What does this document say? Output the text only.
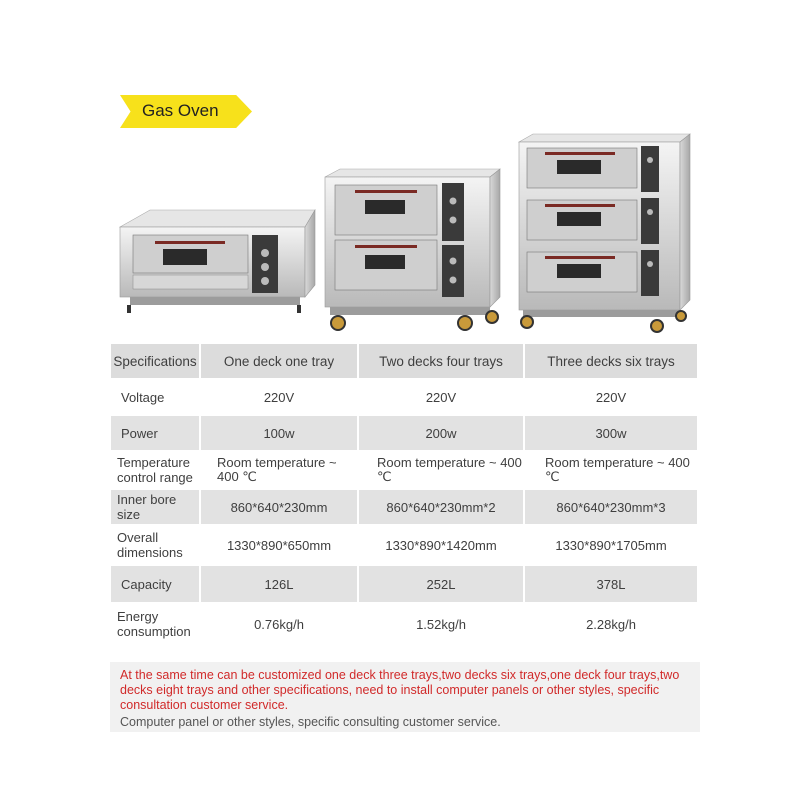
Gas Oven
Specifications	One deck one tray	Two decks four trays	Three decks six trays
Voltage	220V	220V	220V
Power	100w	200w	300w
Temperature control range	Room temperature ~ 400 ℃	Room temperature ~ 400 ℃	Room temperature ~ 400 ℃
Inner bore size	860*640*230mm	860*640*230mm*2	860*640*230mm*3
Overall dimensions	1330*890*650mm	1330*890*1420mm	1330*890*1705mm
Capacity	126L	252L	378L
Energy consumption	0.76kg/h	1.52kg/h	2.28kg/h
At the same time can be customized one deck three trays,two decks six trays,one deck four trays,two decks eight trays and other specifications, need to install computer panels or other styles, specific consultation customer service.
Computer panel or other styles, specific consulting customer service.
